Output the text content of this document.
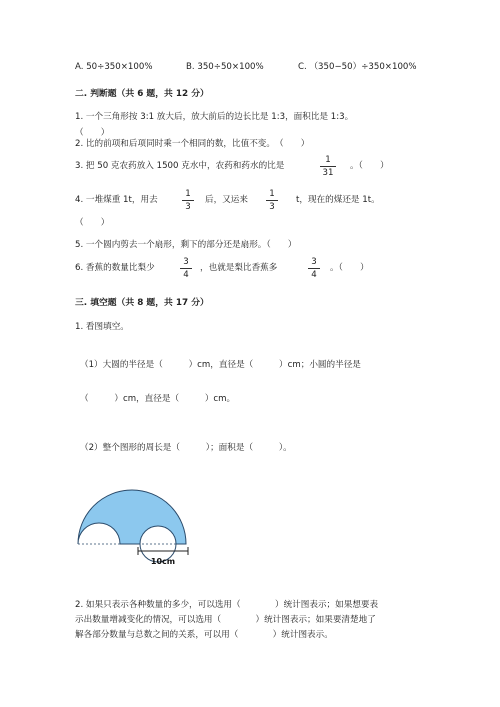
A. 50÷350×100%	B. 350÷50×100%	C. （350−50）÷350×100%
二. 判断题（共 6 题，共 12 分）
1. 一个三角形按 3:1 放大后，放大前后的边长比是 1:3，面积比是 1:3。
（　　）
2. 比的前项和后项同时乘一个相同的数，比值不变。　（　　）
3. 把 50 克农药放入 1500 克水中，农药和药水的比是
1
31
。（　　）
4. 一堆煤重 1t，用去
1
3
后，又运来
1
3
t，现在的煤还是 1t。
（　　）
5. 一个圆内剪去一个扇形，剩下的部分还是扇形。（　　）
6. 香蕉的数量比梨少
3
4
，也就是梨比香蕉多
3
4
。（　　）
三. 填空题（共 8 题，共 17 分）
1. 看图填空。
（1）大圆的半径是（　　　）cm，直径是（　　　）cm；小圆的半径是
（　　　）cm，直径是（　　　）cm。
（2）整个图形的周长是（　　　）；面积是（　　　）。
10cm
2. 如果只表示各种数量的多少，可以选用（　　　　）统计图表示；如果想要表
示出数量增减变化的情况，可以选用（　　　　）统计图表示；如果要清楚地了
解各部分数量与总数之间的关系，可以用（　　　　）统计图表示。
